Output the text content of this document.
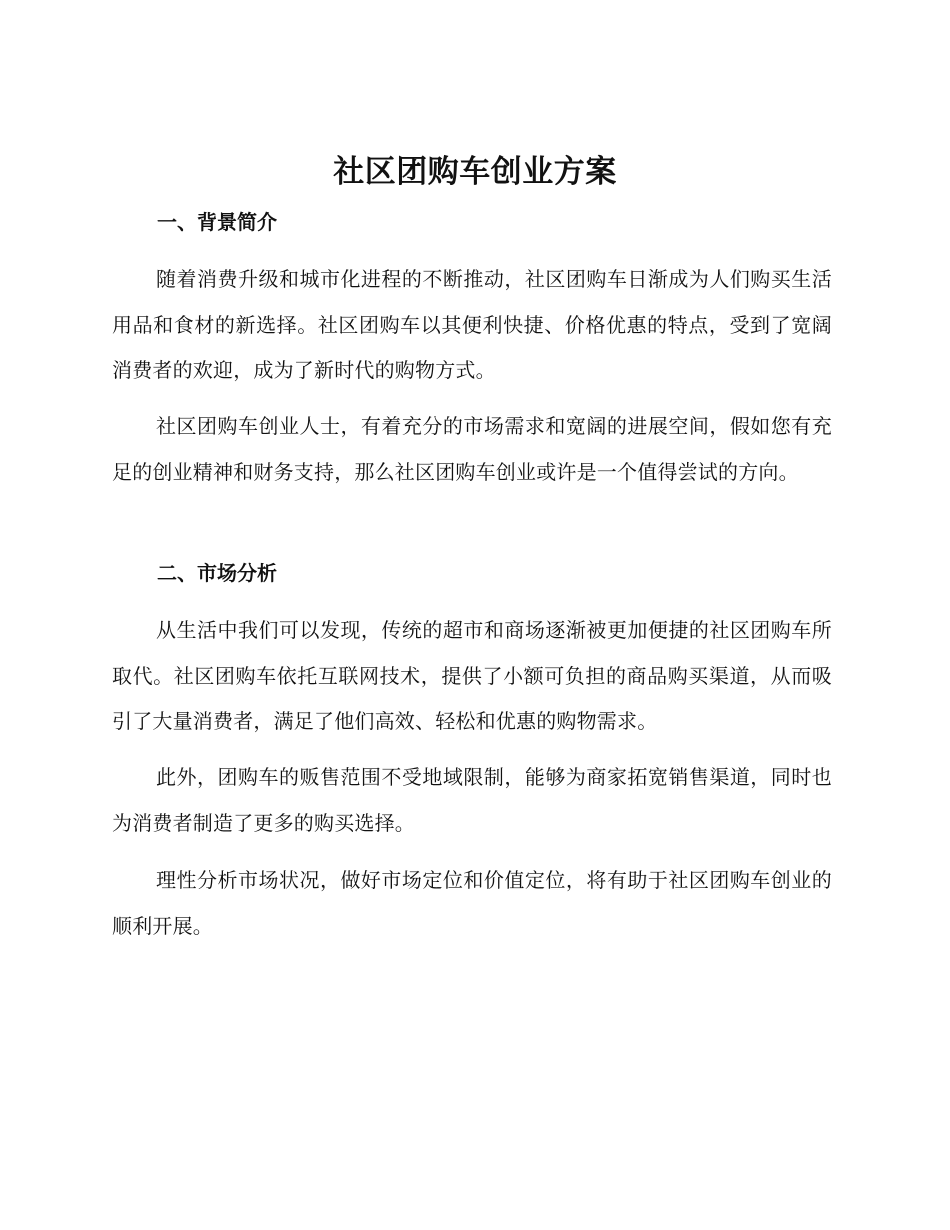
社区团购车创业方案
一、背景简介

随着消费升级和城市化进程的不断推动，社区团购车日渐成为人们购买生活用品和食材的新选择。社区团购车以其便利快捷、价格优惠的特点，受到了宽阔消费者的欢迎，成为了新时代的购物方式。

社区团购车创业人士，有着充分的市场需求和宽阔的进展空间，假如您有充足的创业精神和财务支持，那么社区团购车创业或许是一个值得尝试的方向。

二、市场分析

从生活中我们可以发现，传统的超市和商场逐渐被更加便捷的社区团购车所取代。社区团购车依托互联网技术，提供了小额可负担的商品购买渠道，从而吸引了大量消费者，满足了他们高效、轻松和优惠的购物需求。

此外，团购车的贩售范围不受地域限制，能够为商家拓宽销售渠道，同时也为消费者制造了更多的购买选择。

理性分析市场状况，做好市场定位和价值定位，将有助于社区团购车创业的顺利开展。
